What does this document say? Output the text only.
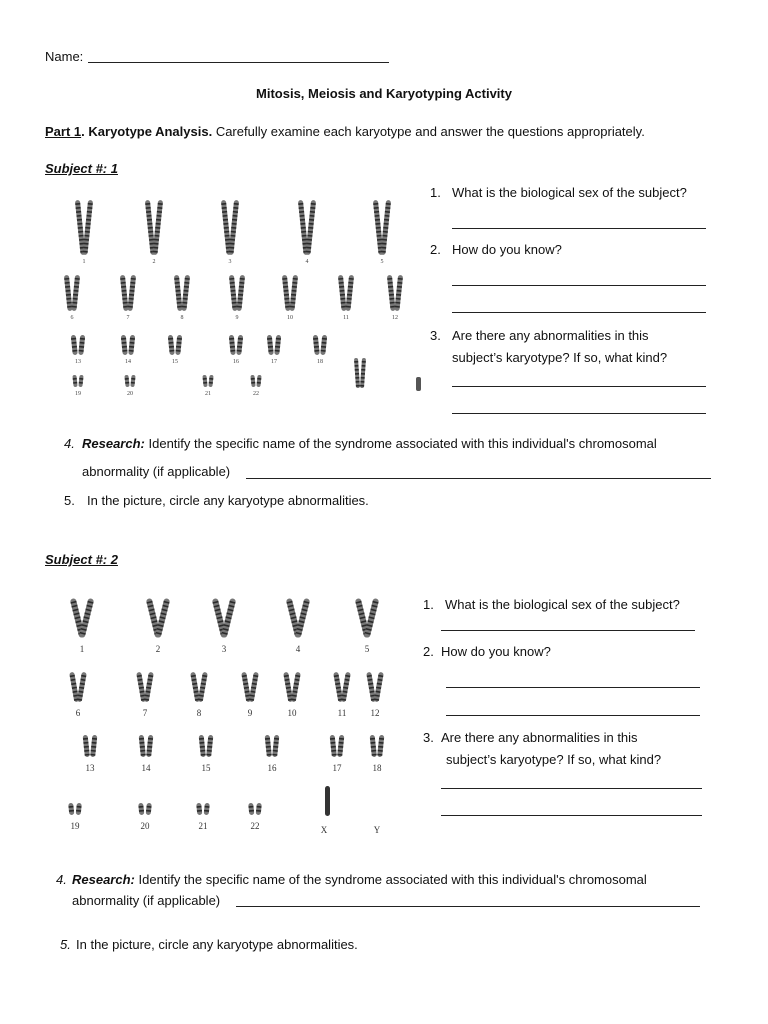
Name:
Mitosis, Meiosis and Karyotyping Activity
Part 1. Karyotype Analysis. Carefully examine each karyotype and answer the questions appropriately.
Subject #: 1
1	2	3	4	5
6	7	8	9	10	11	12
13	14	15	16	17	18
19	20	21	22
1. What is the biological sex of the subject?
2. How do you know?
3. Are there any abnormalities in this
subject’s karyotype? If so, what kind?
4. Research: Identify the specific name of the syndrome associated with this individual's chromosomal
abnormality (if applicable)
5. In the picture, circle any karyotype abnormalities.
Subject #: 2
1	2	3	4	5
6	7	8	9	10	11	12
13	14	15	16	17	18
19	20	21	22	X	Y
1. What is the biological sex of the subject?
2. How do you know?
3. Are there any abnormalities in this
subject’s karyotype? If so, what kind?
4. Research: Identify the specific name of the syndrome associated with this individual's chromosomal
abnormality (if applicable)
5. In the picture, circle any karyotype abnormalities.
